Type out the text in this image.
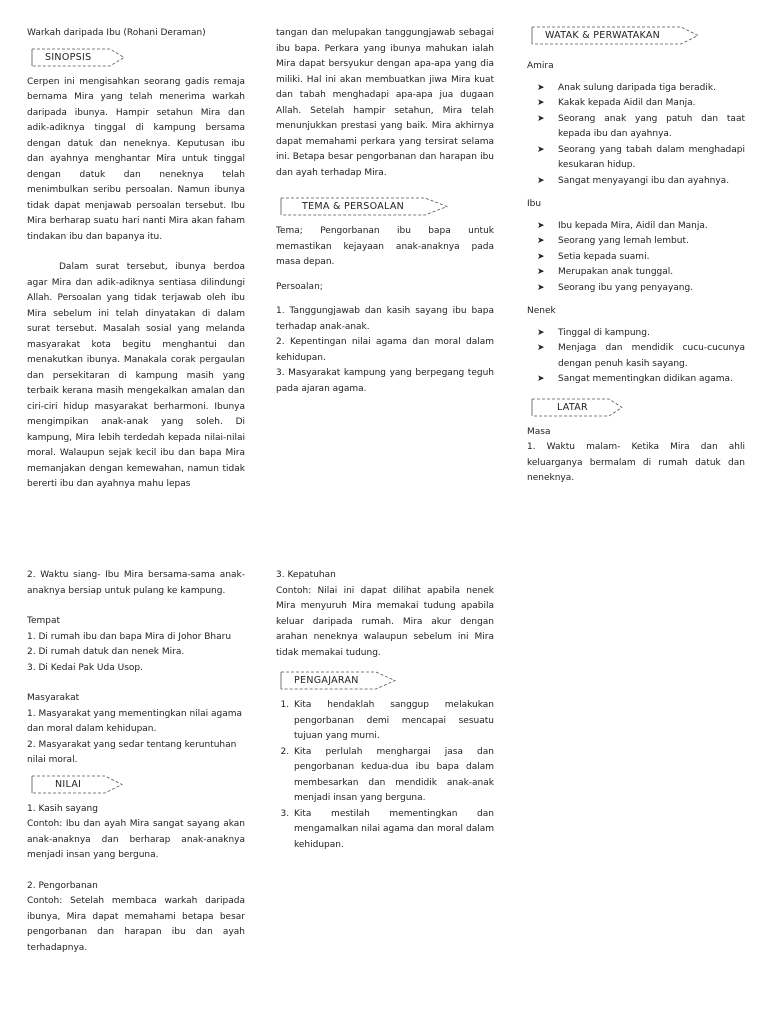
Warkah daripada Ibu (Rohani Deraman)

SINOPSIS

Cerpen ini mengisahkan seorang gadis remaja bernama Mira yang telah menerima warkah daripada ibunya. Hampir setahun Mira dan adik-adiknya tinggal di kampung bersama dengan datuk dan neneknya. Keputusan ibu dan ayahnya menghantar Mira untuk tinggal dengan datuk dan neneknya telah menimbulkan seribu persoalan. Namun ibunya tidak dapat menjawab persoalan tersebut. Ibu Mira berharap suatu hari nanti Mira akan faham tindakan ibu dan bapanya itu.

Dalam surat tersebut, ibunya berdoa agar Mira dan adik-adiknya sentiasa dilindungi Allah. Persoalan yang tidak terjawab oleh ibu Mira sebelum ini telah dinyatakan di dalam surat tersebut. Masalah sosial yang melanda masyarakat kota begitu menghantui dan menakutkan ibunya. Manakala corak pergaulan dan persekitaran di kampung masih yang terbaik kerana masih mengekalkan amalan dan ciri-ciri hidup masyarakat berharmoni. Ibunya mengimpikan anak-anak yang soleh. Di kampung, Mira lebih terdedah kepada nilai-nilai moral. Walaupun sejak kecil ibu dan bapa Mira memanjakan dengan kemewahan, namun tidak bererti ibu dan ayahnya mahu lepas

tangan dan melupakan tanggungjawab sebagai ibu bapa. Perkara yang ibunya mahukan ialah Mira dapat bersyukur dengan apa-apa yang dia miliki. Hal ini akan membuatkan jiwa Mira kuat dan tabah menghadapi apa-apa jua dugaan Allah. Setelah hampir setahun, Mira telah menunjukkan prestasi yang baik. Mira akhirnya dapat memahami perkara yang tersirat selama ini. Betapa besar pengorbanan dan harapan ibu dan ayah terhadap Mira.

TEMA & PERSOALAN

Tema; Pengorbanan ibu bapa untuk memastikan kejayaan anak-anaknya pada masa depan.

Persoalan;

1. Tanggungjawab dan kasih sayang ibu bapa terhadap anak-anak.

2. Kepentingan nilai agama dan moral dalam kehidupan.

3. Masyarakat kampung yang berpegang teguh pada ajaran agama.

WATAK & PERWATAKAN

Amira

➤ Anak sulung daripada tiga beradik.
➤ Kakak kepada Aidil dan Manja.
➤ Seorang anak yang patuh dan taat kepada ibu dan ayahnya.
➤ Seorang yang tabah dalam menghadapi kesukaran hidup.
➤ Sangat menyayangi ibu dan ayahnya.

Ibu

➤ Ibu kepada Mira, Aidil dan Manja.
➤ Seorang yang lemah lembut.
➤ Setia kepada suami.
➤ Merupakan anak tunggal.
➤ Seorang ibu yang penyayang.

Nenek

➤ Tinggal di kampung.
➤ Menjaga dan mendidik cucu-cucunya dengan penuh kasih sayang.
➤ Sangat mementingkan didikan agama.
LATAR

Masa

1. Waktu malam- Ketika Mira dan ahli keluarganya bermalam di rumah datuk dan neneknya.

2. Waktu siang- Ibu Mira bersama-sama anak-anaknya bersiap untuk pulang ke kampung.

Tempat

1. Di rumah ibu dan bapa Mira di Johor Bharu

2. Di rumah datuk dan nenek Mira.

3. Di Kedai Pak Uda Usop.

Masyarakat

1. Masyarakat yang mementingkan nilai agama dan moral dalam kehidupan.

2. Masyarakat yang sedar tentang keruntuhan nilai moral.

NILAI

1. Kasih sayang

Contoh: Ibu dan ayah Mira sangat sayang akan anak-anaknya dan berharap anak-anaknya menjadi insan yang berguna.

2. Pengorbanan

Contoh: Setelah membaca warkah daripada ibunya, Mira dapat memahami betapa besar pengorbanan dan harapan ibu dan ayah terhadapnya.

3. Kepatuhan

Contoh: Nilai ini dapat dilihat apabila nenek Mira menyuruh Mira memakai tudung apabila keluar daripada rumah. Mira akur dengan arahan neneknya walaupun sebelum ini Mira tidak memakai tudung.

PENGAJARAN
1. Kita hendaklah sanggup melakukan pengorbanan demi mencapai sesuatu tujuan yang murni.
2. Kita perlulah menghargai jasa dan pengorbanan kedua-dua ibu bapa dalam membesarkan dan mendidik anak-anak menjadi insan yang berguna.
3. Kita mestilah mementingkan dan mengamalkan nilai agama dan moral dalam kehidupan.
